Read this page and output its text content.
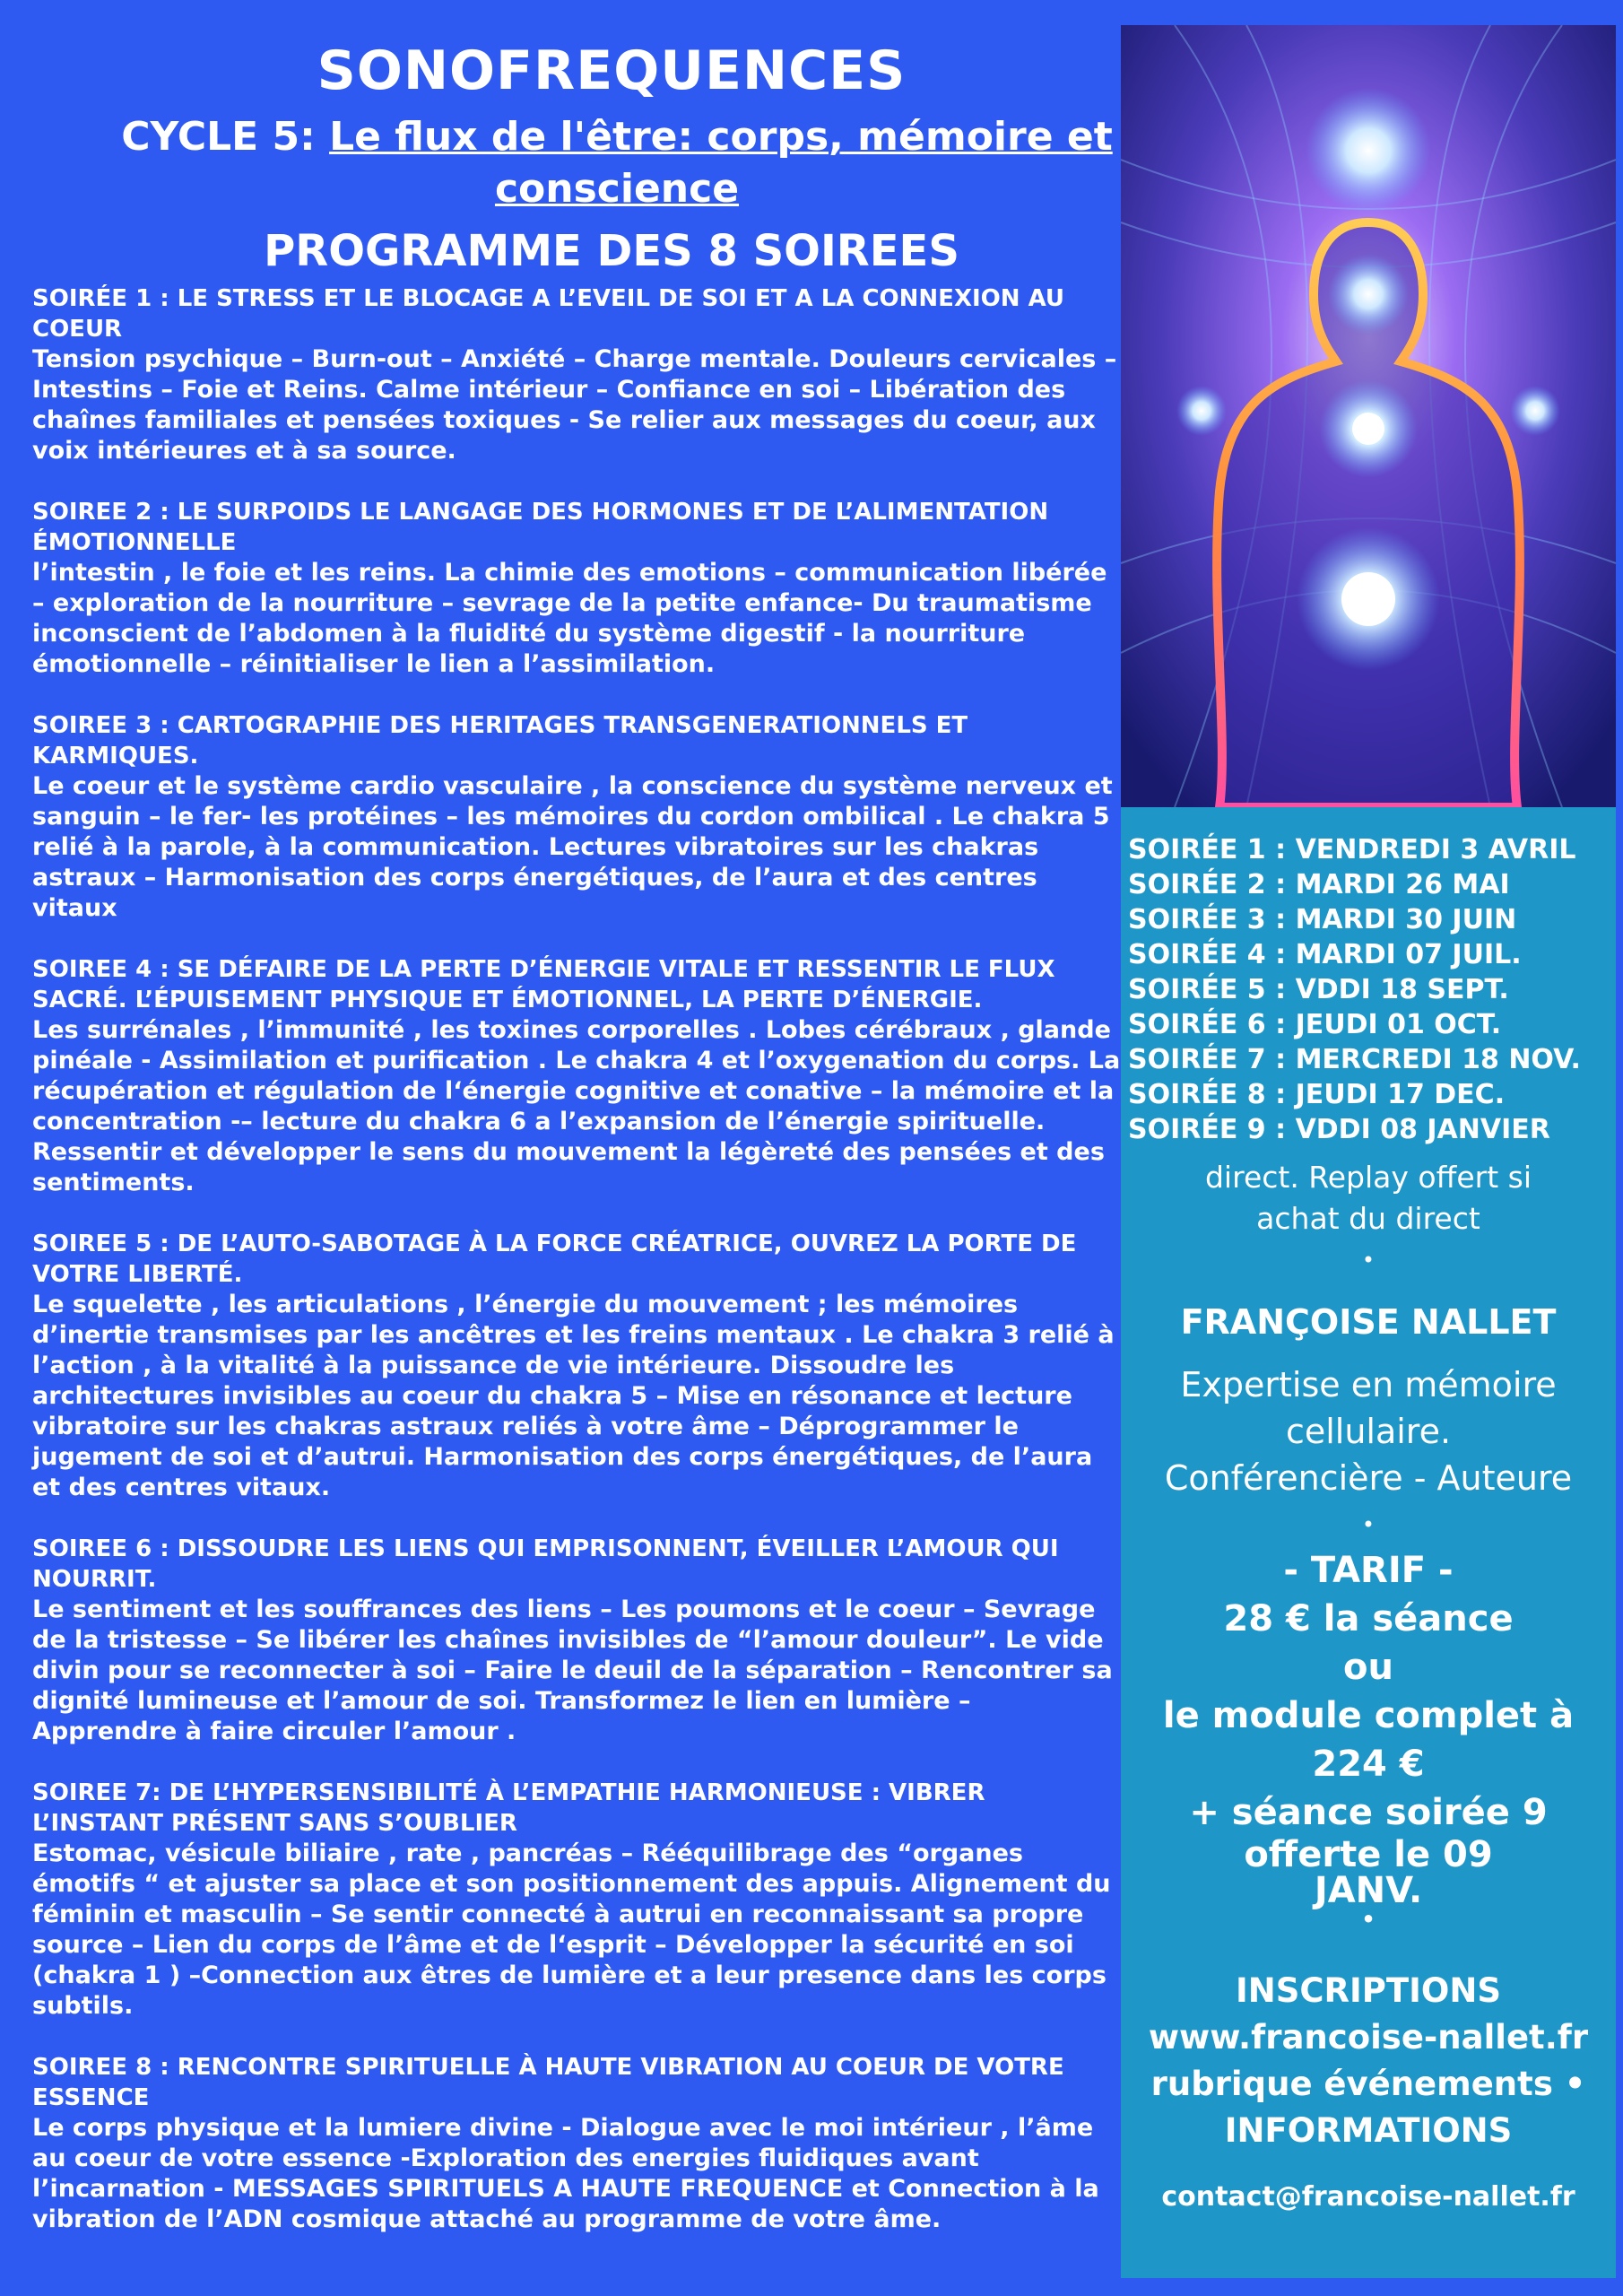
SONOFREQUENCES
CYCLE 5: Le flux de l'être: corps, mémoire et
conscience
PROGRAMME DES 8 SOIREES

SOIRÉE 1 : LE STRESS ET LE BLOCAGE A L’EVEIL DE SOI ET A LA CONNEXION AU COEUR

Tension psychique – Burn-out – Anxiété – Charge mentale. Douleurs cervicales – Intestins – Foie et Reins. Calme intérieur – Confiance en soi – Libération des chaînes familiales et pensées toxiques - Se relier aux messages du coeur, aux voix intérieures et à sa source.

SOIREE 2 : LE SURPOIDS LE LANGAGE DES HORMONES ET DE L’ALIMENTATION ÉMOTIONNELLE

l’intestin , le foie et les reins. La chimie des emotions – communication libérée – exploration de la nourriture – sevrage de la petite enfance- Du traumatisme inconscient de l’abdomen à la fluidité du système digestif - la nourriture émotionnelle – réinitialiser le lien a l’assimilation.

SOIREE 3 : CARTOGRAPHIE DES HERITAGES TRANSGENERATIONNELS ET KARMIQUES.

Le coeur et le système cardio vasculaire , la conscience du système nerveux et sanguin – le fer- les protéines – les mémoires du cordon ombilical . Le chakra 5 relié à la parole, à la communication. Lectures vibratoires sur les chakras astraux – Harmonisation des corps énergétiques, de l’aura et des centres vitaux

SOIREE 4 : SE DÉFAIRE DE LA PERTE D’ÉNERGIE VITALE ET RESSENTIR LE FLUX SACRÉ. L’ÉPUISEMENT PHYSIQUE ET ÉMOTIONNEL, LA PERTE D’ÉNERGIE.

Les surrénales , l’immunité , les toxines corporelles . Lobes cérébraux , glande pinéale - Assimilation et purification . Le chakra 4 et l’oxygenation du corps. La récupération et régulation de l‘énergie cognitive et conative – la mémoire et la concentration -– lecture du chakra 6 a l’expansion de l’énergie spirituelle. Ressentir et développer le sens du mouvement la légèreté des pensées et des sentiments.

SOIREE 5 : DE L’AUTO-SABOTAGE À LA FORCE CRÉATRICE, OUVREZ LA PORTE DE VOTRE LIBERTÉ.

Le squelette , les articulations , l’énergie du mouvement ; les mémoires d’inertie transmises par les ancêtres et les freins mentaux . Le chakra 3 relié à l’action , à la vitalité à la puissance de vie intérieure. Dissoudre les architectures invisibles au coeur du chakra 5 – Mise en résonance et lecture vibratoire sur les chakras astraux reliés à votre âme – Déprogrammer le jugement de soi et d’autrui. Harmonisation des corps énergétiques, de l’aura et des centres vitaux.

SOIREE 6 : DISSOUDRE LES LIENS QUI EMPRISONNENT, ÉVEILLER L’AMOUR QUI NOURRIT.

Le sentiment et les souffrances des liens – Les poumons et le coeur – Sevrage de la tristesse – Se libérer les chaînes invisibles de “l’amour douleur”. Le vide divin pour se reconnecter à soi – Faire le deuil de la séparation – Rencontrer sa dignité lumineuse et l’amour de soi. Transformez le lien en lumière – Apprendre à faire circuler l’amour .

SOIREE 7: DE L’HYPERSENSIBILITÉ À L’EMPATHIE HARMONIEUSE : VIBRER L’INSTANT PRÉSENT SANS S’OUBLIER

Estomac, vésicule biliaire , rate , pancréas – Rééquilibrage des “organes émotifs “ et ajuster sa place et son positionnement des appuis. Alignement du féminin et masculin – Se sentir connecté à autrui en reconnaissant sa propre source – Lien du corps de l’âme et de l‘esprit – Développer la sécurité en soi (chakra 1 ) –Connection aux êtres de lumière et a leur presence dans les corps subtils.

SOIREE 8 : RENCONTRE SPIRITUELLE À HAUTE VIBRATION AU COEUR DE VOTRE ESSENCE

Le corps physique et la lumiere divine - Dialogue avec le moi intérieur , l’âme au coeur de votre essence -Exploration des energies fluidiques avant l’incarnation - MESSAGES SPIRITUELS A HAUTE FREQUENCE et Connection à la vibration de l’ADN cosmique attaché au programme de votre âme.

SOIRÉE 1 : VENDREDI 3 AVRIL
SOIRÉE 2 : MARDI 26 MAI
SOIRÉE 3 : MARDI 30 JUIN
SOIRÉE 4 : MARDI 07 JUIL.
SOIRÉE 5 : VDDI 18 SEPT.
SOIRÉE 6 : JEUDI 01 OCT.
SOIRÉE 7 : MERCREDI 18 NOV.
SOIRÉE 8 : JEUDI 17 DEC.
SOIRÉE 9 : VDDI 08 JANVIER
direct. Replay offert si
achat du direct
•
FRANÇOISE NALLET
Expertise en mémoire
cellulaire.
Conférencière - Auteure
•
- TARIF -
28 € la séance
ou
le module complet à
224 €
+ séance soirée 9
offerte le 09
JANV.
•
INSCRIPTIONS
www.francoise-nallet.fr
rubrique événements •
INFORMATIONS
contact@francoise-nallet.fr
